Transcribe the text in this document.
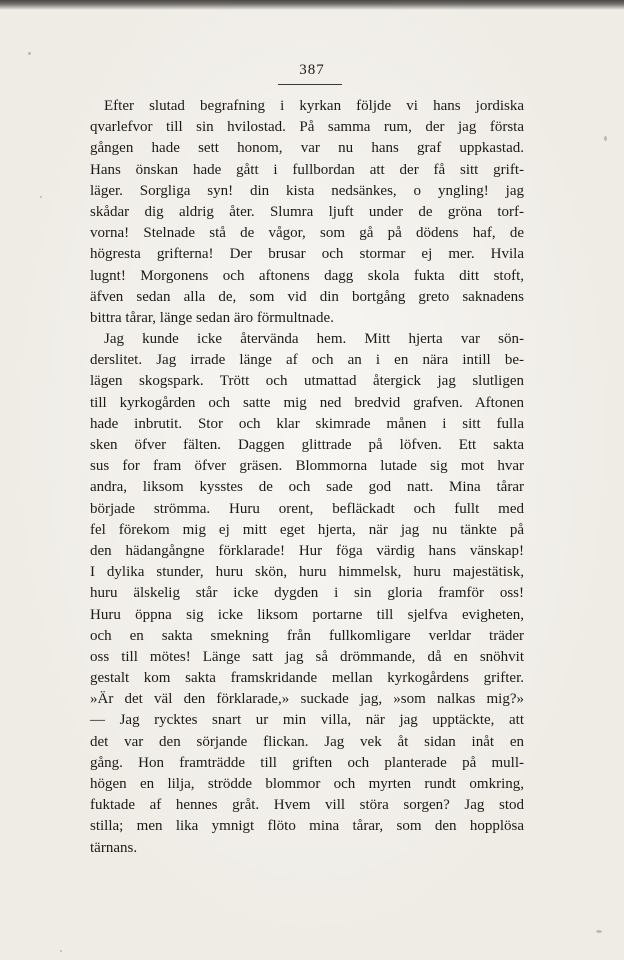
387
Efter slutad begrafning i kyrkan följde vi hans jordiska
qvarlefvor till sin hvilostad. På samma rum, der jag första
gången hade sett honom, var nu hans graf uppkastad.
Hans önskan hade gått i fullbordan att der få sitt grift-
läger. Sorgliga syn! din kista nedsänkes, o yngling! jag
skådar dig aldrig åter. Slumra ljuft under de gröna torf-
vorna! Stelnade stå de vågor, som gå på dödens haf, de
högresta grifterna! Der brusar och stormar ej mer. Hvila
lugnt! Morgonens och aftonens dagg skola fukta ditt stoft,
äfven sedan alla de, som vid din bortgång greto saknadens
bittra tårar, länge sedan äro förmultnade.
Jag kunde icke återvända hem. Mitt hjerta var sön-
derslitet. Jag irrade länge af och an i en nära intill be-
lägen skogspark. Trött och utmattad återgick jag slutligen
till kyrkogården och satte mig ned bredvid grafven. Aftonen
hade inbrutit. Stor och klar skimrade månen i sitt fulla
sken öfver fälten. Daggen glittrade på löfven. Ett sakta
sus for fram öfver gräsen. Blommorna lutade sig mot hvar
andra, liksom kysstes de och sade god natt. Mina tårar
började strömma. Huru orent, befläckadt och fullt med
fel förekom mig ej mitt eget hjerta, när jag nu tänkte på
den hädangångne förklarade! Hur föga värdig hans vänskap!
I dylika stunder, huru skön, huru himmelsk, huru majestätisk,
huru älskelig står icke dygden i sin gloria framför oss!
Huru öppna sig icke liksom portarne till sjelfva evigheten,
och en sakta smekning från fullkomligare verldar träder
oss till mötes! Länge satt jag så drömmande, då en snöhvit
gestalt kom sakta framskridande mellan kyrkogårdens grifter.
»Är det väl den förklarade,» suckade jag, »som nalkas mig?»
— Jag rycktes snart ur min villa, när jag upptäckte, att
det var den sörjande flickan. Jag vek åt sidan inåt en
gång. Hon framträdde till griften och planterade på mull-
högen en lilja, strödde blommor och myrten rundt omkring,
fuktade af hennes gråt. Hvem vill störa sorgen? Jag stod
stilla; men lika ymnigt flöto mina tårar, som den hopplösa
tärnans.
